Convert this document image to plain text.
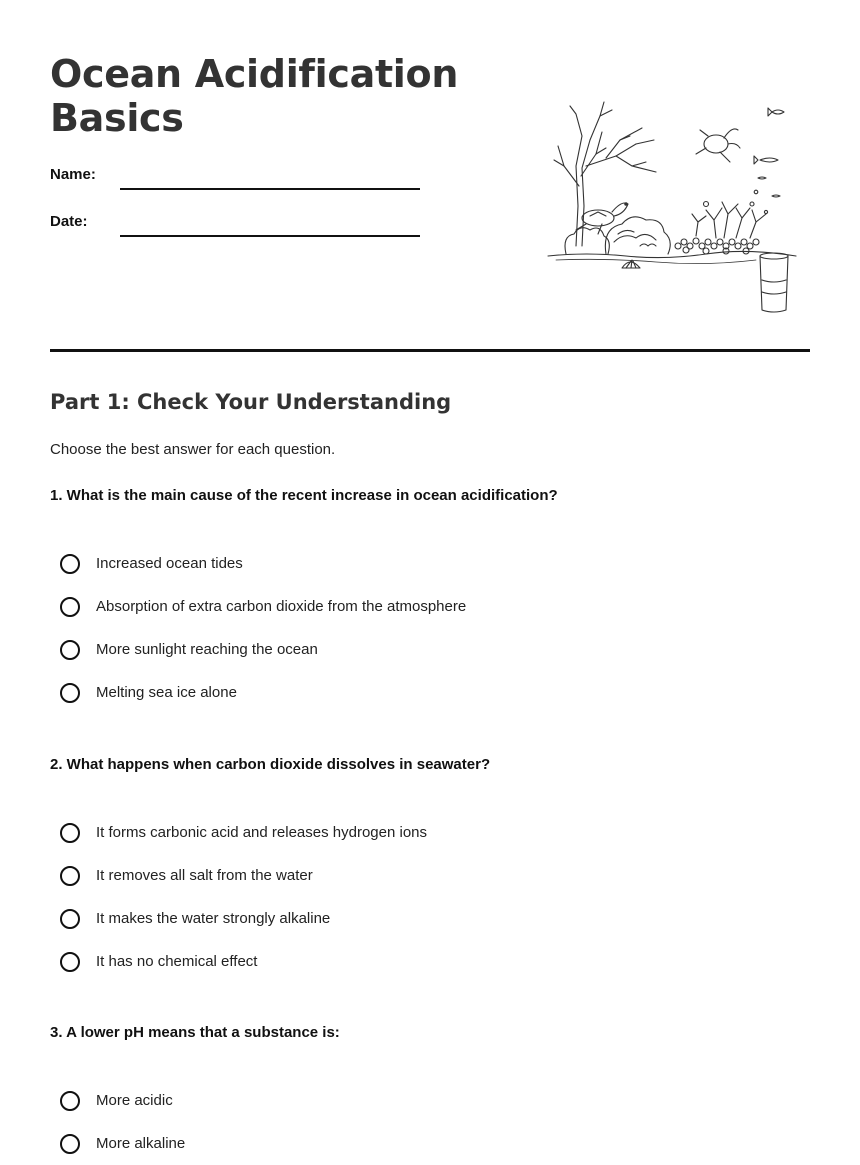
Ocean Acidification
Basics
Name:
Date:
Part 1: Check Your Understanding

Choose the best answer for each question.

1. What is the main cause of the recent increase in ocean acidification?

Increased ocean tides
Absorption of extra carbon dioxide from the atmosphere
More sunlight reaching the ocean
Melting sea ice alone

2. What happens when carbon dioxide dissolves in seawater?

It forms carbonic acid and releases hydrogen ions
It removes all salt from the water
It makes the water strongly alkaline
It has no chemical effect

3. A lower pH means that a substance is:

More acidic
More alkaline
